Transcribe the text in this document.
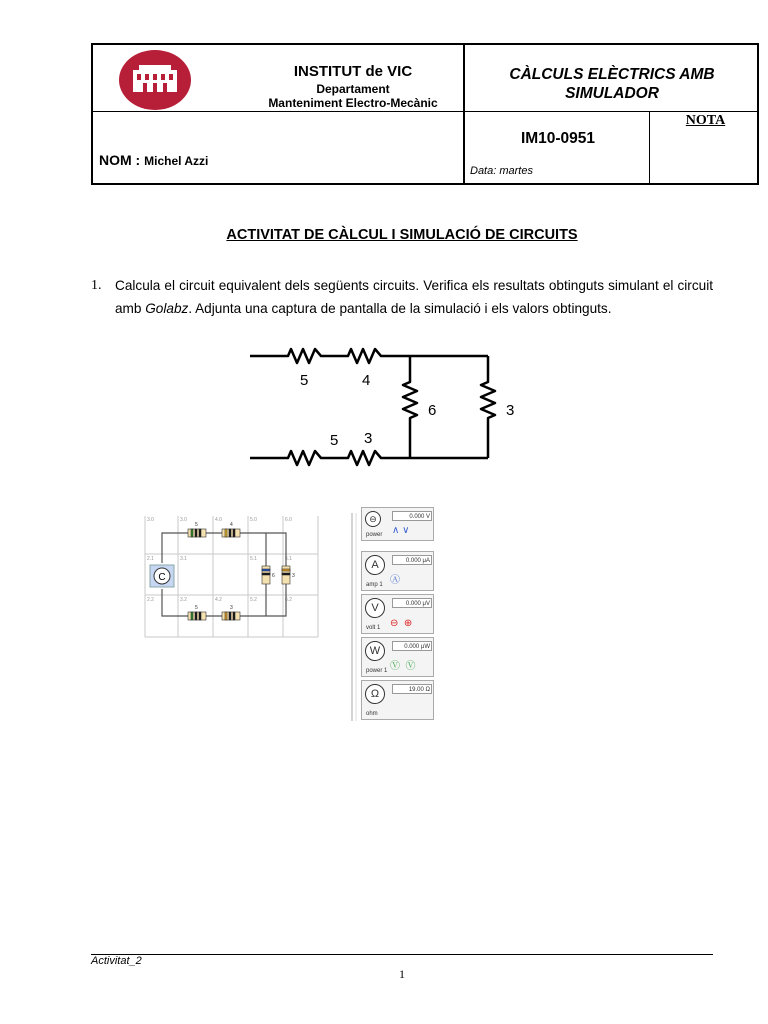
INSTITUT de VIC
Departament
Manteniment Electro-Mecànic
CÀLCULS ELÈCTRICS AMB SIMULADOR
NOM : Michel Azzi
IM10-0951
Data: martes
NOTA
ACTIVITAT DE CÀLCUL I SIMULACIÓ DE CIRCUITS
1. Calcula el circuit equivalent dels següents circuits. Verifica els resultats obtinguts simulant el circuit amb Golabz. Adjunta una captura de pantalla de la simulació i els valors obtinguts.
5	4
6	3
5 3
3.0	3.0	4.0	5.0	6.0
2.1	3.1	5.1	6.1
2.2	3.2	4.2	5.2	6.2
C
5	4
5	3
6	3
⊖	0.000 V
power ∧ ∨
A	0.000 μA
amp 1 Ⓐ
V	0.000 μV
volt 1 ⊖  ⊕
W	0.000 μW
power 1 Ⓥ  Ⓥ
Ω	19.00 Ω
ohm
Activitat_2
1
